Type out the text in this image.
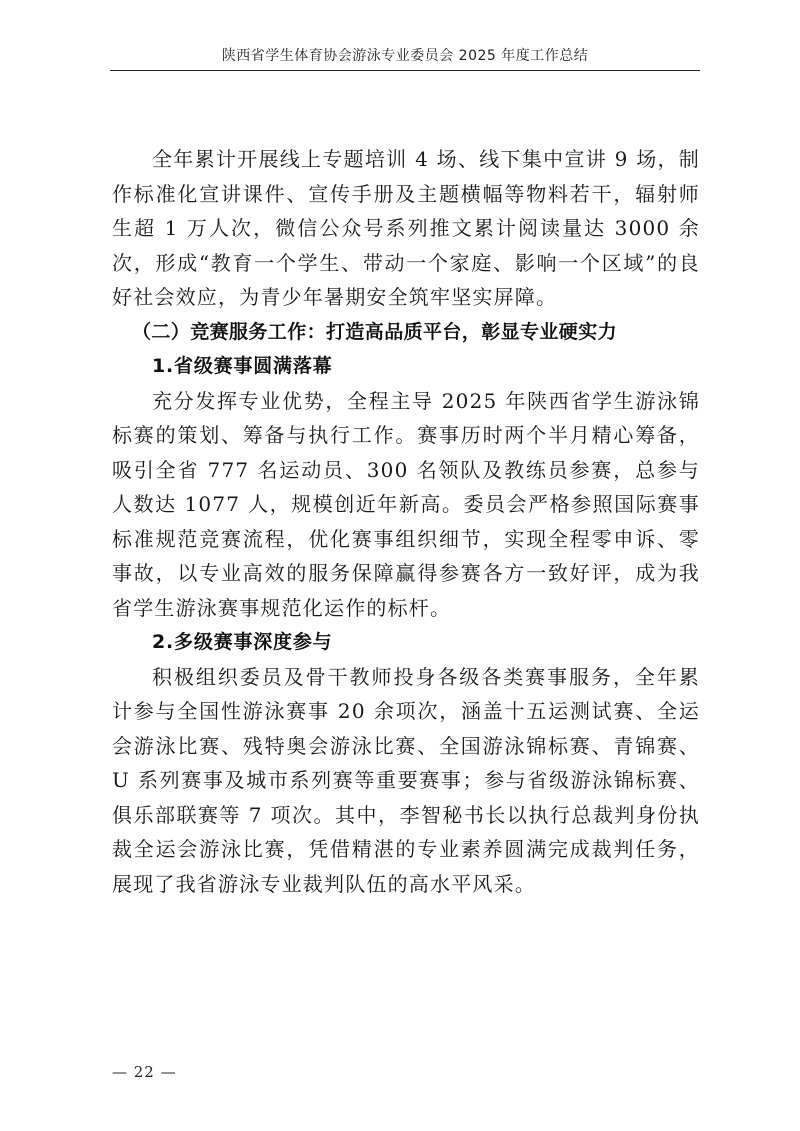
陕西省学生体育协会游泳专业委员会 2025 年度工作总结

全年累计开展线上专题培训 4 场、线下集中宣讲 9 场，制作标准化宣讲课件、宣传手册及主题横幅等物料若干，辐射师生超 1 万人次，微信公众号系列推文累计阅读量达 3000 余次，形成“教育一个学生、带动一个家庭、影响一个区域”的良好社会效应，为青少年暑期安全筑牢坚实屏障。

（二）竞赛服务工作：打造高品质平台，彰显专业硬实力

1.省级赛事圆满落幕

充分发挥专业优势，全程主导 2025 年陕西省学生游泳锦标赛的策划、筹备与执行工作。赛事历时两个半月精心筹备，吸引全省 777 名运动员、300 名领队及教练员参赛，总参与人数达 1077 人，规模创近年新高。委员会严格参照国际赛事标准规范竞赛流程，优化赛事组织细节，实现全程零申诉、零事故，以专业高效的服务保障赢得参赛各方一致好评，成为我省学生游泳赛事规范化运作的标杆。

2.多级赛事深度参与

积极组织委员及骨干教师投身各级各类赛事服务，全年累计参与全国性游泳赛事 20 余项次，涵盖十五运测试赛、全运会游泳比赛、残特奥会游泳比赛、全国游泳锦标赛、青锦赛、U 系列赛事及城市系列赛等重要赛事；参与省级游泳锦标赛、俱乐部联赛等 7 项次。其中，李智秘书长以执行总裁判身份执裁全运会游泳比赛，凭借精湛的专业素养圆满完成裁判任务，展现了我省游泳专业裁判队伍的高水平风采。

— 22 —
